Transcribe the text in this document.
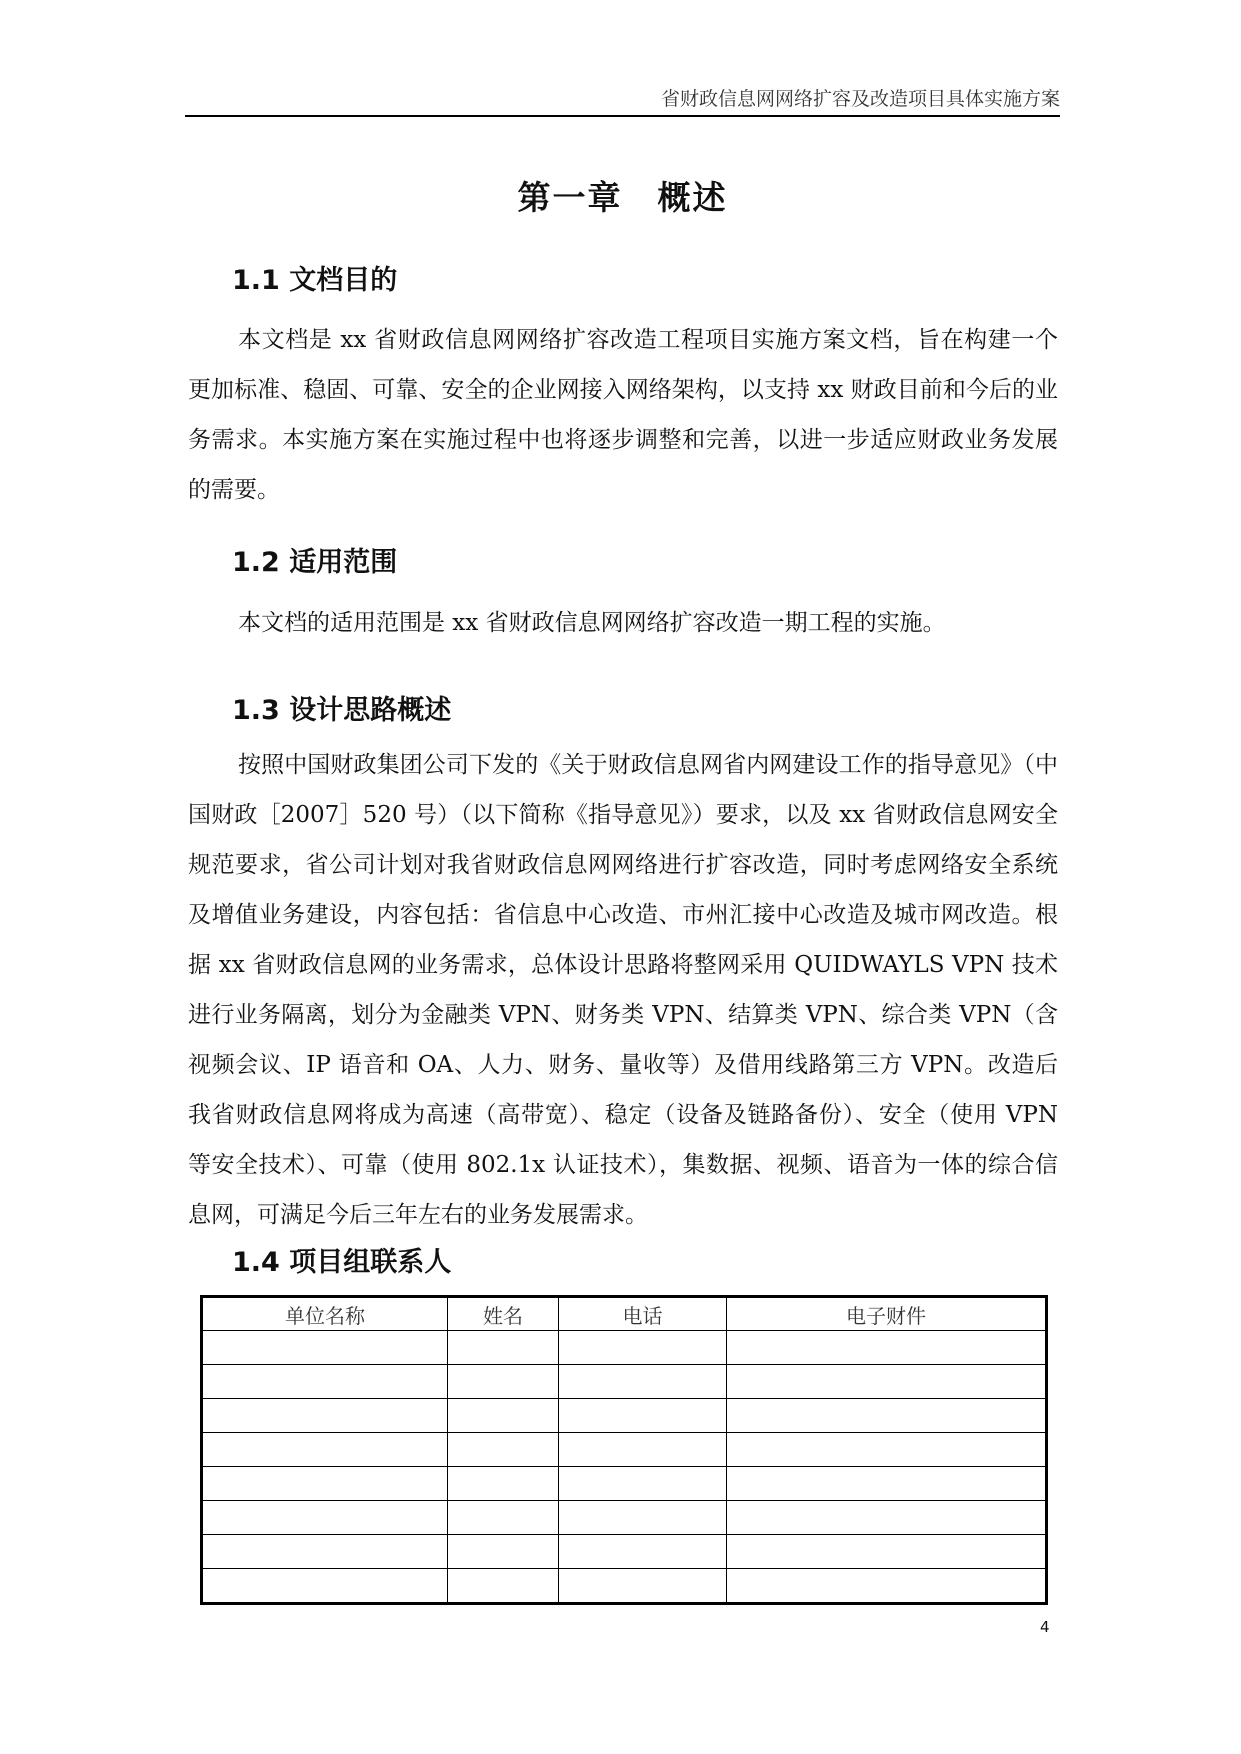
省财政信息网网络扩容及改造项目具体实施方案
第一章　概述
1.1 文档目的

本文档是 xx 省财政信息网网络扩容改造工程项目实施方案文档，旨在构建一个更加标准、稳固、可靠、安全的企业网接入网络架构，以支持 xx 财政目前和今后的业务需求。本实施方案在实施过程中也将逐步调整和完善，以进一步适应财政业务发展的需要。

1.2 适用范围

本文档的适用范围是 xx 省财政信息网网络扩容改造一期工程的实施。

1.3 设计思路概述

按照中国财政集团公司下发的《关于财政信息网省内网建设工作的指导意见》（中国财政［2007］520 号）（以下简称《指导意见》）要求，以及 xx 省财政信息网安全规范要求，省公司计划对我省财政信息网网络进行扩容改造，同时考虑网络安全系统及增值业务建设，内容包括：省信息中心改造、市州汇接中心改造及城市网改造。根据 xx 省财政信息网的业务需求，总体设计思路将整网采用 QUIDWAYLS VPN 技术进行业务隔离，划分为金融类 VPN、财务类 VPN、结算类 VPN、综合类 VPN（含视频会议、IP 语音和 OA、人力、财务、量收等）及借用线路第三方 VPN。改造后我省财政信息网将成为高速（高带宽）、稳定（设备及链路备份）、安全（使用 VPN 等安全技术）、可靠（使用 802.1x 认证技术），集数据、视频、语音为一体的综合信息网，可满足今后三年左右的业务发展需求。

1.4 项目组联系人
单位名称	姓名	电话	电子财件

4
